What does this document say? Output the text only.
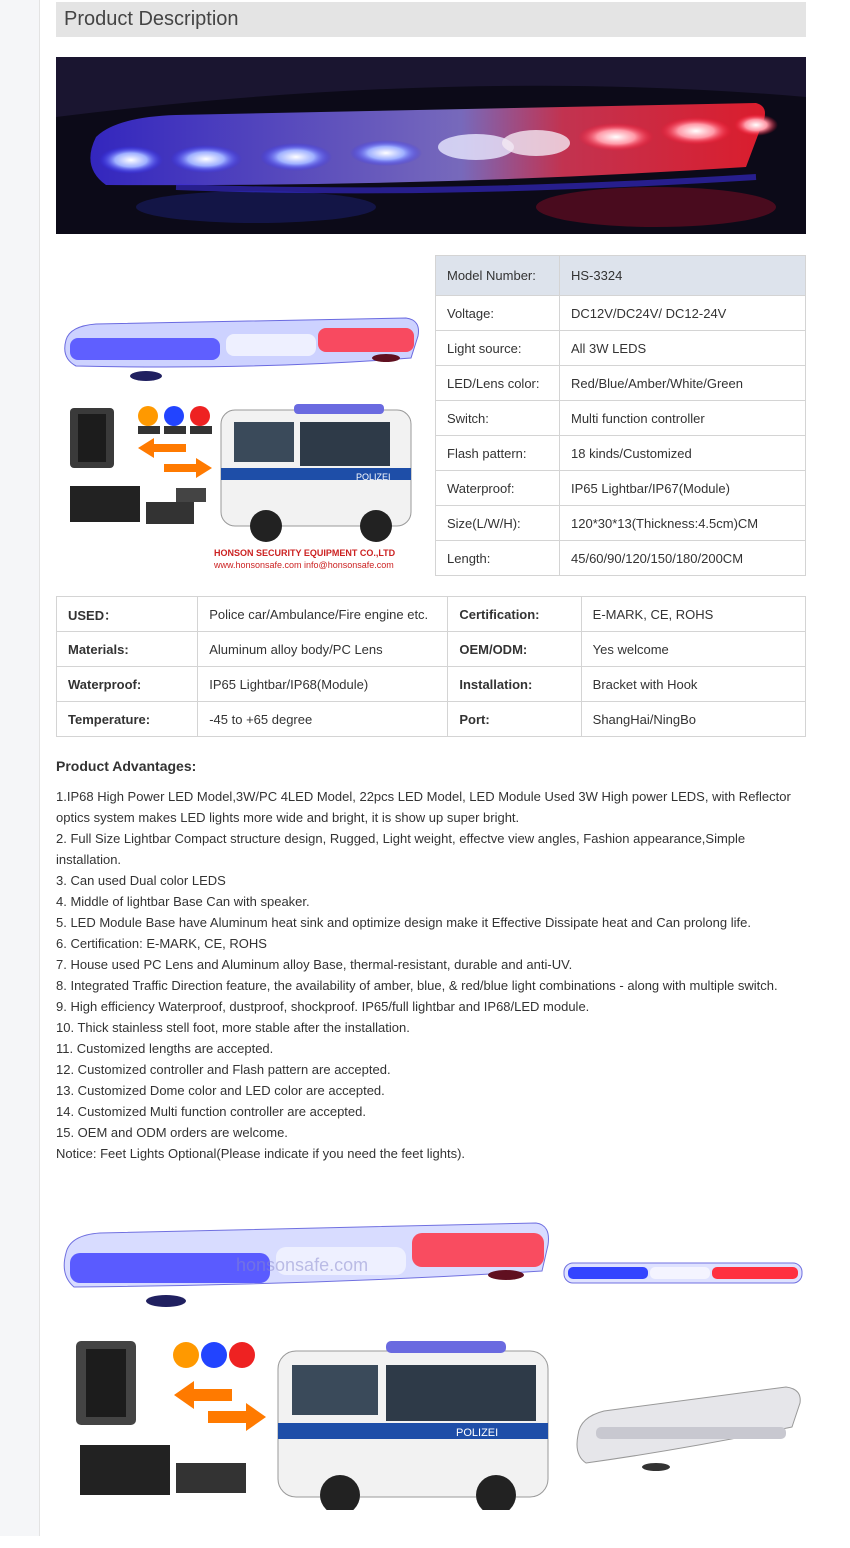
Product Description
POLIZEI
HONSON SECURITY EQUIPMENT CO.,LTD
www.honsonsafe.com info@honsonsafe.com
Model Number:	HS-3324
Voltage:	DC12V/DC24V/ DC12-24V
Light source:	All 3W LEDS
LED/Lens color:	Red/Blue/Amber/White/Green
Switch:	Multi function controller
Flash pattern:	18 kinds/Customized
Waterproof:	IP65 Lightbar/IP67(Module)
Size(L/W/H):	120*30*13(Thickness:4.5cm)CM
Length:	45/60/90/120/150/180/200CM
USED：	Police car/Ambulance/Fire engine etc.	Certification:	E-MARK, CE, ROHS
Materials:	Aluminum alloy body/PC Lens	OEM/ODM:	Yes welcome
Waterproof:	IP65 Lightbar/IP68(Module)	Installation:	Bracket with Hook
Temperature:	-45 to +65 degree	Port:	ShangHai/NingBo
Product Advantages:
1.IP68 High Power LED Model,3W/PC 4LED Model, 22pcs LED Model, LED Module Used 3W High power LEDS, with Reflector optics system makes LED lights more wide and bright, it is show up super bright.
2. Full Size Lightbar Compact structure design, Rugged, Light weight, effectve view angles, Fashion appearance,Simple installation.
3. Can used Dual color LEDS
4. Middle of lightbar Base Can with speaker.
5. LED Module Base have Aluminum heat sink and optimize design make it Effective Dissipate heat and Can prolong life.
6. Certification: E-MARK, CE, ROHS
7. House used PC Lens and Aluminum alloy Base, thermal-resistant, durable and anti-UV.
8. Integrated Traffic Direction feature, the availability of amber, blue, & red/blue light combinations - along with multiple switch.
9. High efficiency Waterproof, dustproof, shockproof. IP65/full lightbar and IP68/LED module.
10. Thick stainless stell foot, more stable after the installation.
11. Customized lengths are accepted.
12. Customized controller and Flash pattern are accepted.
13. Customized Dome color and LED color are accepted.
14. Customized Multi function controller are accepted.
15. OEM and ODM orders are welcome.
Notice: Feet Lights Optional(Please indicate if you need the feet lights).
honsonsafe.com
POLIZEI
